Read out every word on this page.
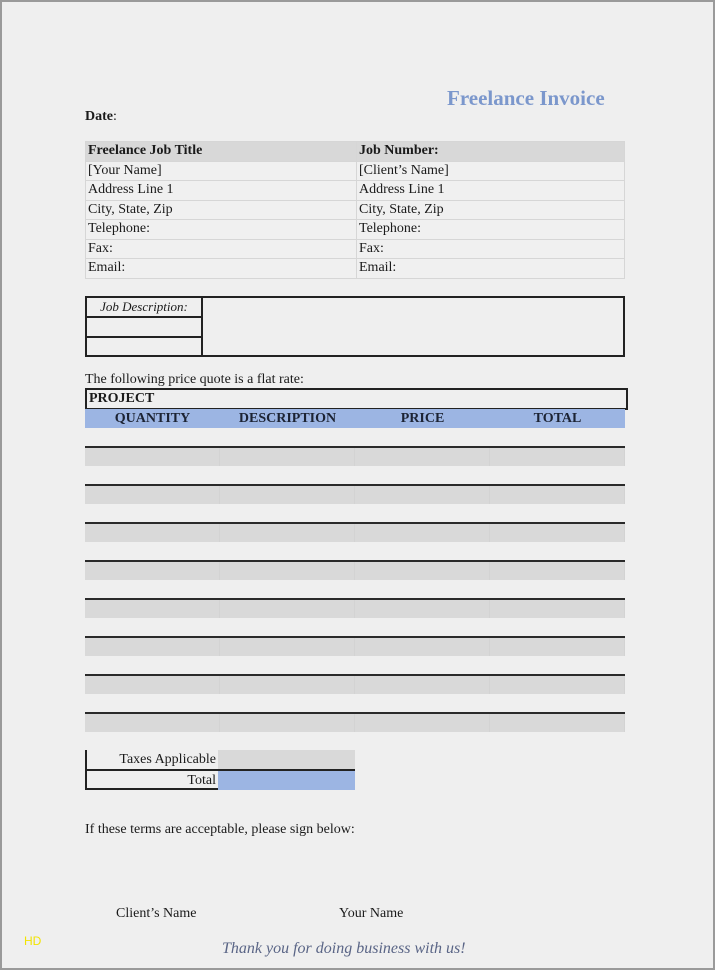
Freelance Invoice
Date:
Freelance Job Title	Job Number:
[Your Name]	[Client’s Name]
Address Line 1	Address Line 1
City, State, Zip	City, State, Zip
Telephone:	Telephone:
Fax:	Fax:
Email:	Email:
Job Description:
The following price quote is a flat rate:
PROJECT
QUANTITY	DESCRIPTION	PRICE	TOTAL
Taxes Applicable
Total
If these terms are acceptable, please sign below:
Client’s Name	Your Name
Thank you for doing business with us!
HD
